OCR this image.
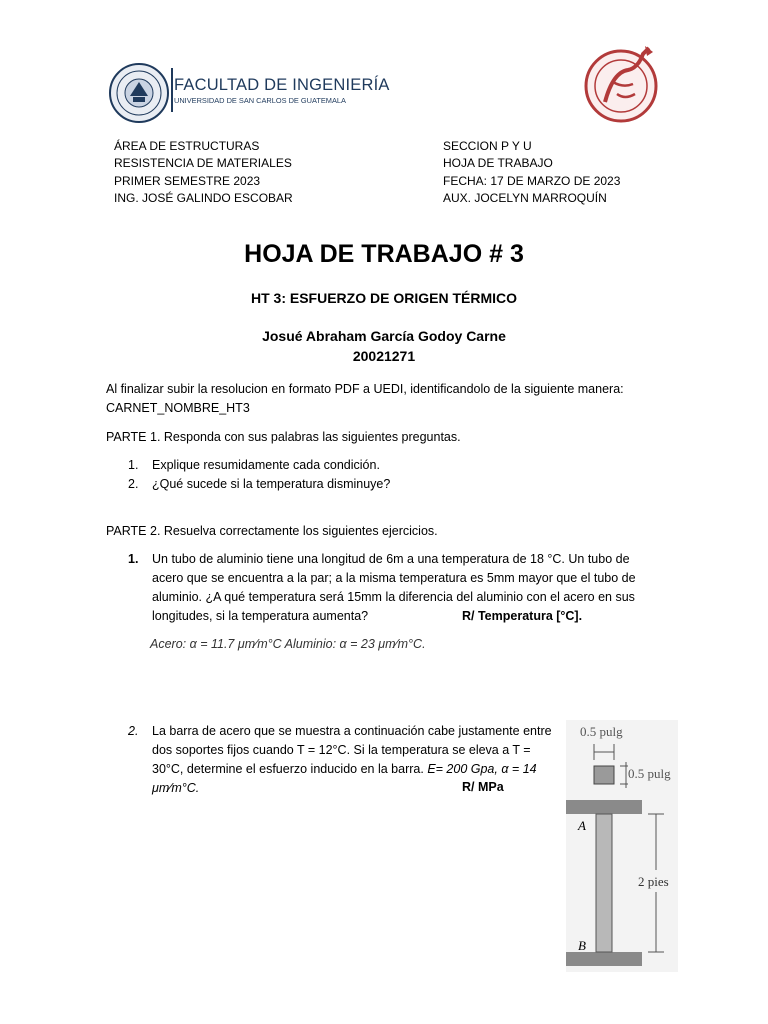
FACULTAD DE INGENIERÍA
UNIVERSIDAD DE SAN CARLOS DE GUATEMALA
ÁREA DE ESTRUCTURAS
RESISTENCIA DE MATERIALES
PRIMER SEMESTRE 2023
ING. JOSÉ GALINDO ESCOBAR
SECCION P Y U
HOJA DE TRABAJO
FECHA: 17 DE MARZO DE 2023
AUX. JOCELYN MARROQUÍN
HOJA DE TRABAJO # 3
HT 3: ESFUERZO DE ORIGEN TÉRMICO
Josué Abraham García Godoy Carne
20021271
Al finalizar subir la resolucion en formato PDF a UEDI, identificandolo de la siguiente manera: CARNET_NOMBRE_HT3
PARTE 1. Responda con sus palabras las siguientes preguntas.
1.	Explique resumidamente cada condición.
2.	¿Qué sucede si la temperatura disminuye?
PARTE 2. Resuelva correctamente los siguientes ejercicios.
1. Un tubo de aluminio tiene una longitud de 6m a una temperatura de 18 °C. Un tubo de acero que se encuentra a la par; a la misma temperatura es 5mm mayor que el tubo de aluminio. ¿A qué temperatura será 15mm la diferencia del aluminio con el acero en sus longitudes, si la temperatura aumenta?	R/ Temperatura [°C].
Acero: α = 11.7 μm⁄m°C Aluminio: α = 23 μm⁄m°C.
2. La barra de acero que se muestra a continuación cabe justamente entre dos soportes fijos cuando T = 12°C. Si la temperatura se eleva a T = 30°C, determine el esfuerzo inducido en la barra. E= 200 Gpa, α = 14 μm⁄m°C.	R/ MPa
0.5 pulg
0.5 pulg
A
B
2 pies
